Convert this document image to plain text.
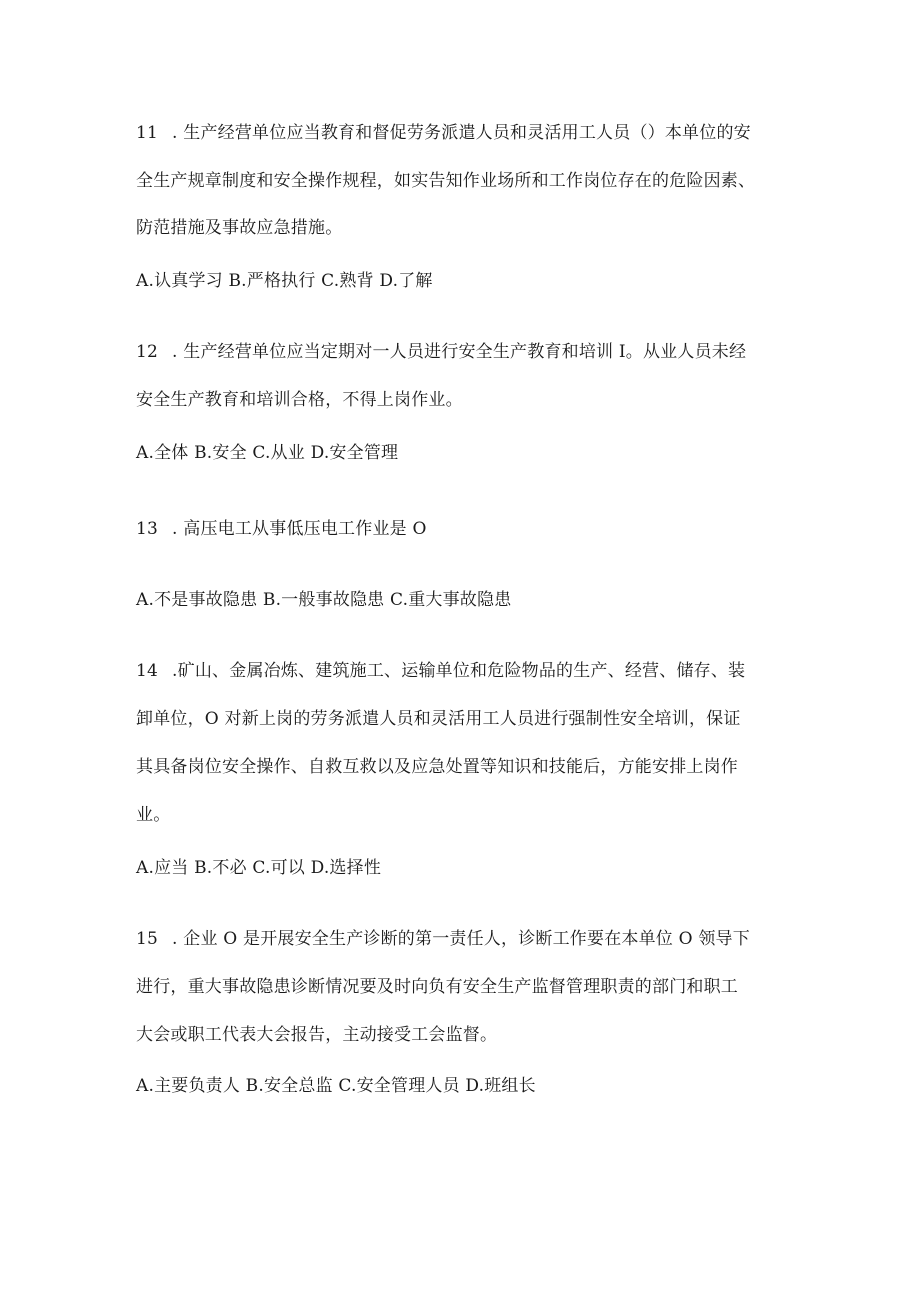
11 . 生产经营单位应当教育和督促劳务派遣人员和灵活用工人员（）本单位的安
全生产规章制度和安全操作规程，如实告知作业场所和工作岗位存在的危险因素、
防范措施及事故应急措施。
A.认真学习 B.严格执行 C.熟背 D.了解
12 . 生产经营单位应当定期对一人员进行安全生产教育和培训 I。从业人员未经
安全生产教育和培训合格，不得上岗作业。
A.全体 B.安全 C.从业 D.安全管理
13 . 高压电工从事低压电工作业是 O
A.不是事故隐患 B.一般事故隐患 C.重大事故隐患
14 .矿山、金属冶炼、建筑施工、运输单位和危险物品的生产、经营、储存、装
卸单位，O 对新上岗的劳务派遣人员和灵活用工人员进行强制性安全培训，保证
其具备岗位安全操作、自救互救以及应急处置等知识和技能后，方能安排上岗作
业。
A.应当 B.不必 C.可以 D.选择性
15 . 企业 O 是开展安全生产诊断的第一责任人，诊断工作要在本单位 O 领导下
进行，重大事故隐患诊断情况要及时向负有安全生产监督管理职责的部门和职工
大会或职工代表大会报告，主动接受工会监督。
A.主要负责人 B.安全总监 C.安全管理人员 D.班组长
